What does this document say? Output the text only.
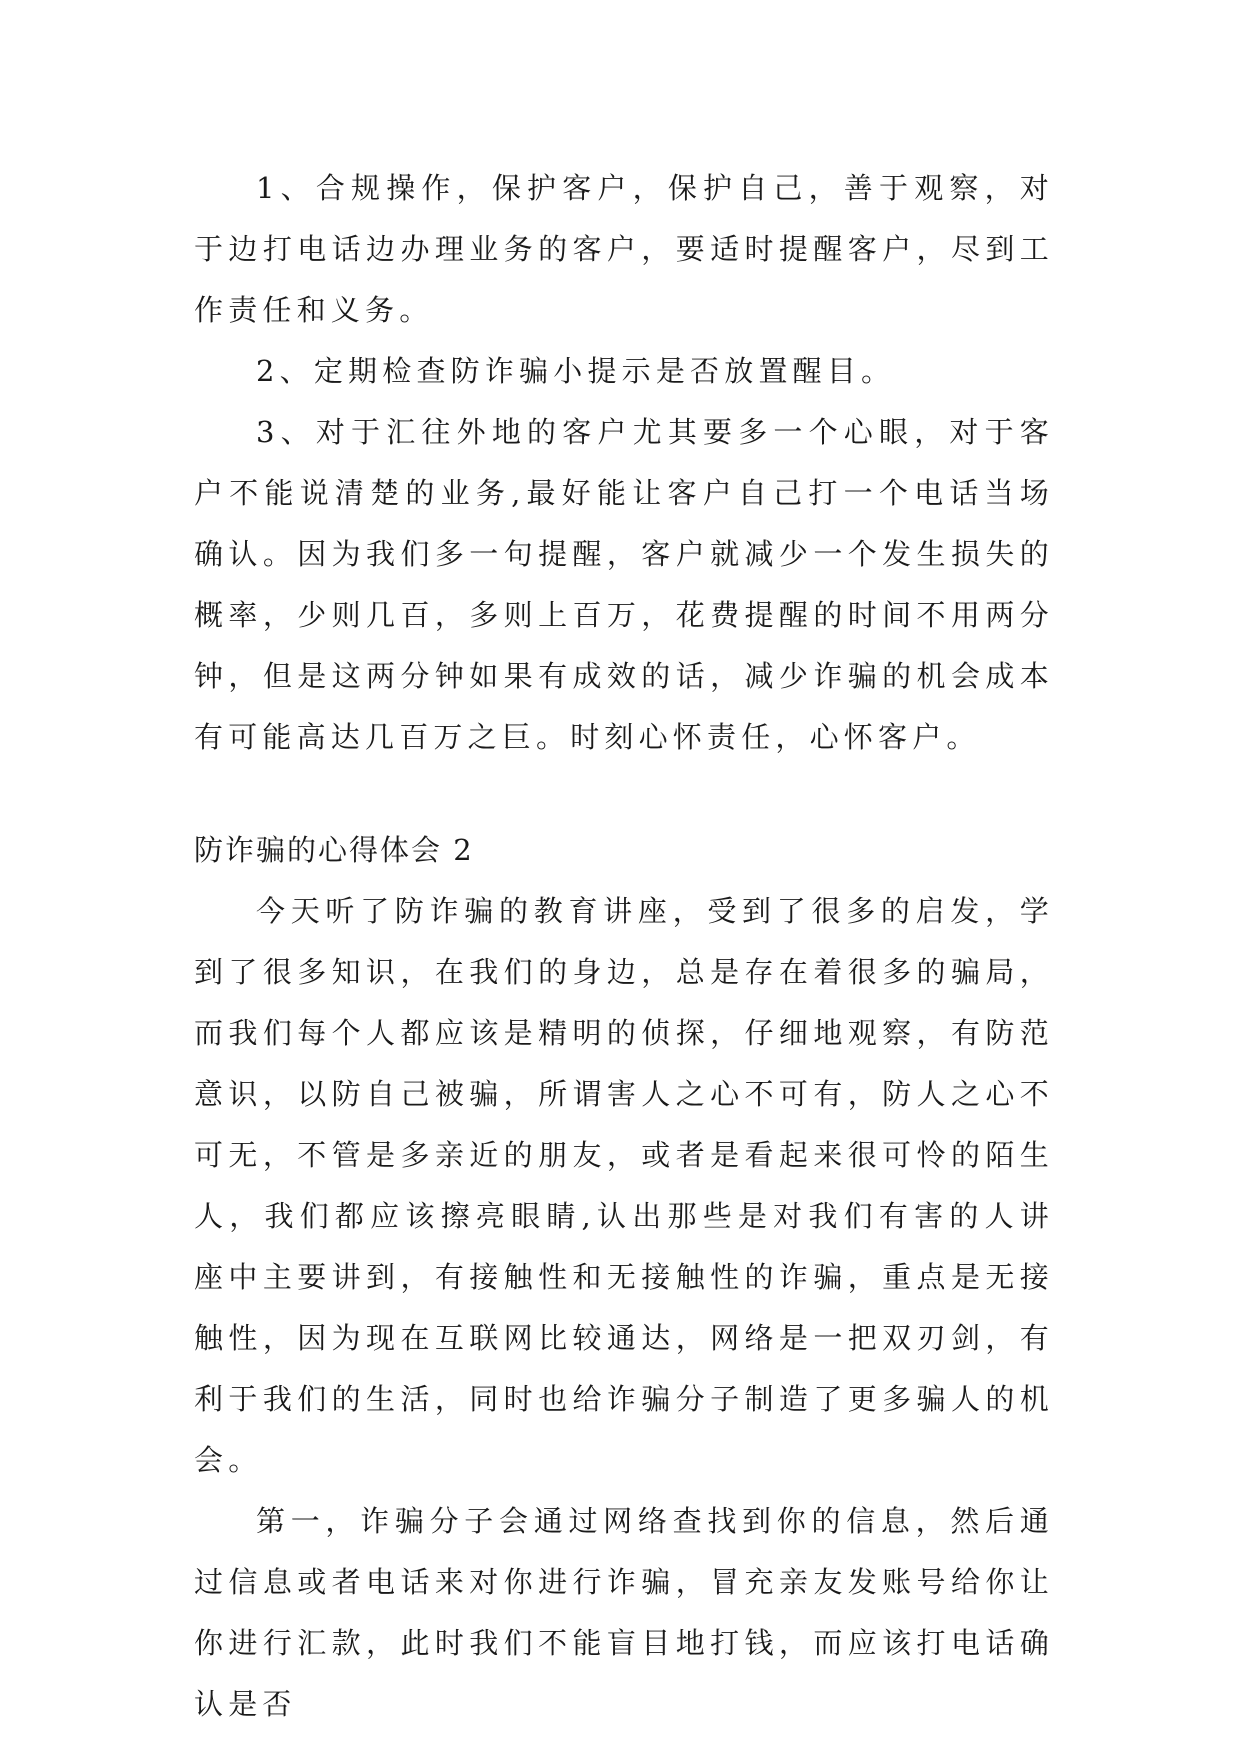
1、合规操作，保护客户，保护自己，善于观察，对于边打电话边办理业务的客户，要适时提醒客户，尽到工作责任和义务。

2、定期检查防诈骗小提示是否放置醒目。

3、对于汇往外地的客户尤其要多一个心眼，对于客户不能说清楚的业务,最好能让客户自己打一个电话当场确认。因为我们多一句提醒，客户就减少一个发生损失的概率，少则几百，多则上百万，花费提醒的时间不用两分钟，但是这两分钟如果有成效的话，减少诈骗的机会成本有可能高达几百万之巨。时刻心怀责任，心怀客户。

防诈骗的心得体会 2

今天听了防诈骗的教育讲座，受到了很多的启发，学到了很多知识，在我们的身边，总是存在着很多的骗局，而我们每个人都应该是精明的侦探，仔细地观察，有防范意识，以防自己被骗，所谓害人之心不可有，防人之心不可无，不管是多亲近的朋友，或者是看起来很可怜的陌生人，我们都应该擦亮眼睛,认出那些是对我们有害的人讲座中主要讲到，有接触性和无接触性的诈骗，重点是无接触性，因为现在互联网比较通达，网络是一把双刃剑，有利于我们的生活，同时也给诈骗分子制造了更多骗人的机会。

第一，诈骗分子会通过网络查找到你的信息，然后通过信息或者电话来对你进行诈骗，冒充亲友发账号给你让你进行汇款，此时我们不能盲目地打钱，而应该打电话确认是否
